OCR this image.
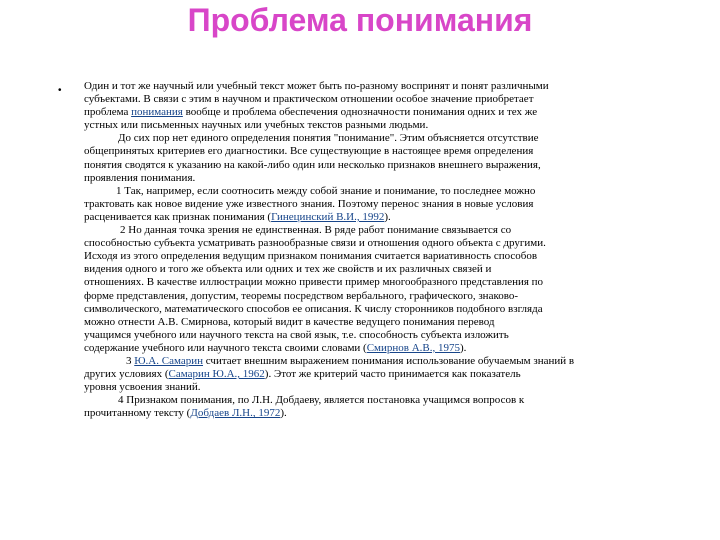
Проблема понимания
• Один и тот же научный или учебный текст может быть по-разному воспринят и понят различными
субъектами. В связи с этим в научном и практическом отношении особое значение приобретает
проблема понимания вообще и проблема обеспечения однозначности понимания одних и тех же
устных или письменных научных или учебных текстов разными людьми.
До сих пор нет единого определения понятия "понимание". Этим объясняется отсутствие
общепринятых критериев его диагностики. Все существующие в настоящее время определения
понятия сводятся к указанию на какой-либо один или несколько признаков внешнего выражения,
проявления понимания.
1 Так, например, если соотносить между собой знание и понимание, то последнее можно
трактовать как новое видение уже известного знания. Поэтому перенос знания в новые условия
расценивается как признак понимания (Гинецинский В.И., 1992).
2 Но данная точка зрения не единственная. В ряде работ понимание связывается со
способностью субъекта усматривать разнообразные связи и отношения одного объекта с другими.
Исходя из этого определения ведущим признаком понимания считается вариативность способов
видения одного и того же объекта или одних и тех же свойств и их различных связей и
отношениях. В качестве иллюстрации можно привести пример многообразного представления по
форме представления, допустим, теоремы посредством вербального, графического, знаково-
символического, математического способов ее описания. К числу сторонников подобного взгляда
можно отнести А.В. Смирнова, который видит в качестве ведущего понимания перевод
учащимся учебного или научного текста на свой язык, т.е. способность субъекта изложить
содержание учебного или научного текста своими словами (Смирнов А.В., 1975).
3 Ю.А. Самарин считает внешним выражением понимания использование обучаемым знаний в
других условиях (Самарин Ю.А., 1962). Этот же критерий часто принимается как показатель
уровня усвоения знаний.
4 Признаком понимания, по Л.Н. Добдаеву, является постановка учащимся вопросов к
прочитанному тексту (Добдаев Л.Н., 1972).
